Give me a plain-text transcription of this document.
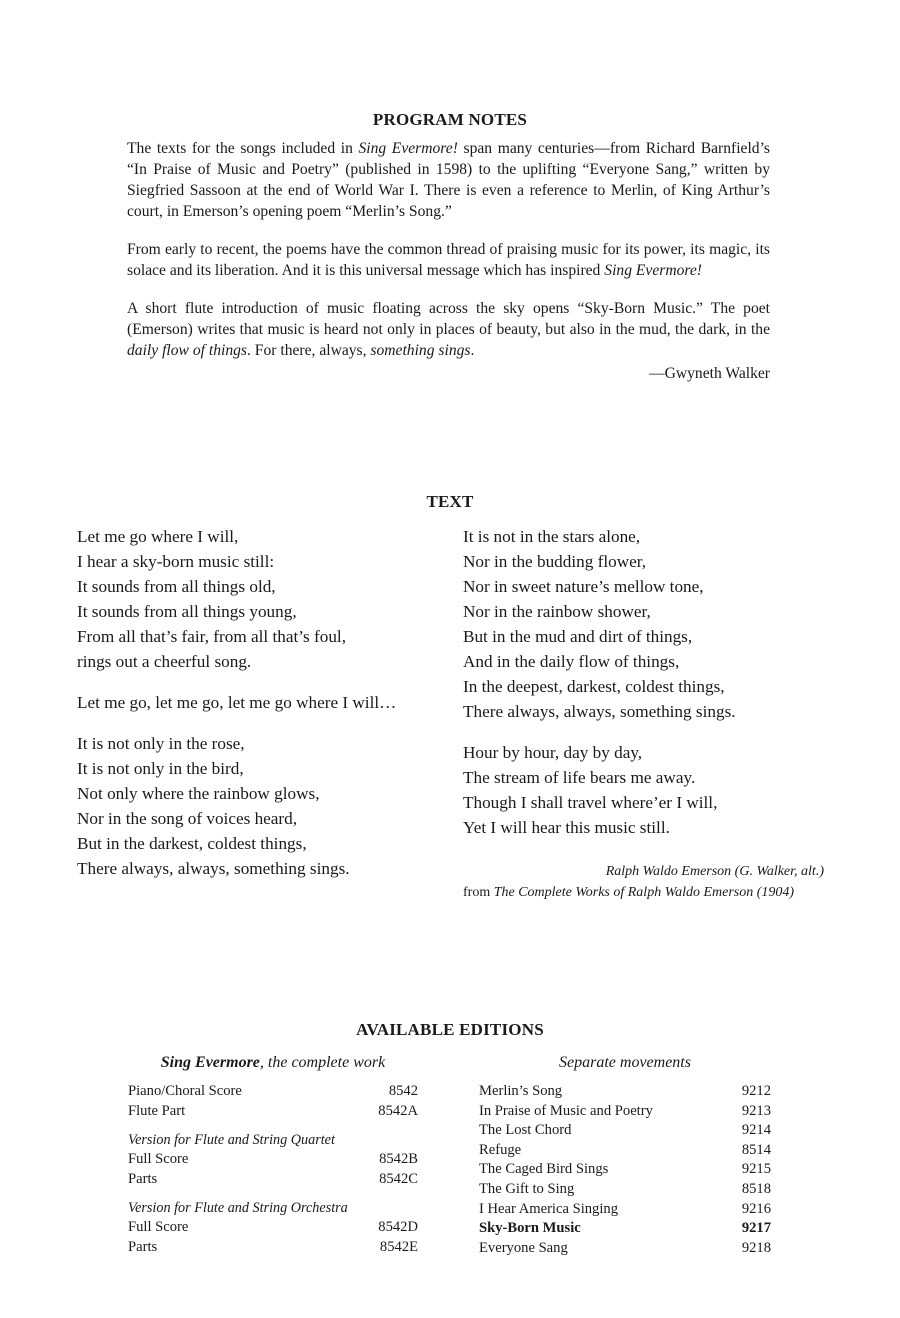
PROGRAM NOTES

The texts for the songs included in Sing Evermore! span many centuries—from Richard Barnfield’s “In Praise of Music and Poetry” (published in 1598) to the uplifting “Everyone Sang,” written by Siegfried Sassoon at the end of World War I. There is even a reference to Merlin, of King Arthur’s court, in Emerson’s opening poem “Merlin’s Song.”

From early to recent, the poems have the common thread of praising music for its power, its magic, its solace and its liberation. And it is this universal message which has inspired Sing Evermore!

A short flute introduction of music floating across the sky opens “Sky-Born Music.” The poet (Emerson) writes that music is heard not only in places of beauty, but also in the mud, the dark, in the daily flow of things. For there, always, something sings.

—Gwyneth Walker
TEXT
Let me go where I will,
I hear a sky-born music still:
It sounds from all things old,
It sounds from all things young,
From all that’s fair, from all that’s foul,
rings out a cheerful song.
Let me go, let me go, let me go where I will…
It is not only in the rose,
It is not only in the bird,
Not only where the rainbow glows,
Nor in the song of voices heard,
But in the darkest, coldest things,
There always, always, something sings.
It is not in the stars alone,
Nor in the budding flower,
Nor in sweet nature’s mellow tone,
Nor in the rainbow shower,
But in the mud and dirt of things,
And in the daily flow of things,
In the deepest, darkest, coldest things,
There always, always, something sings.
Hour by hour, day by day,
The stream of life bears me away.
Though I shall travel where’er I will,
Yet I will hear this music still.
Ralph Waldo Emerson (G. Walker, alt.)
from The Complete Works of Ralph Waldo Emerson (1904)
AVAILABLE EDITIONS
Sing Evermore, the complete work
Piano/Choral Score	8542
Flute Part	8542A
Version for Flute and String Quartet
Full Score	8542B
Parts	8542C
Version for Flute and String Orchestra
Full Score	8542D
Parts	8542E
Separate movements
Merlin’s Song	9212
In Praise of Music and Poetry	9213
The Lost Chord	9214
Refuge	8514
The Caged Bird Sings	9215
The Gift to Sing	8518
I Hear America Singing	9216
Sky-Born Music	9217
Everyone Sang	9218
